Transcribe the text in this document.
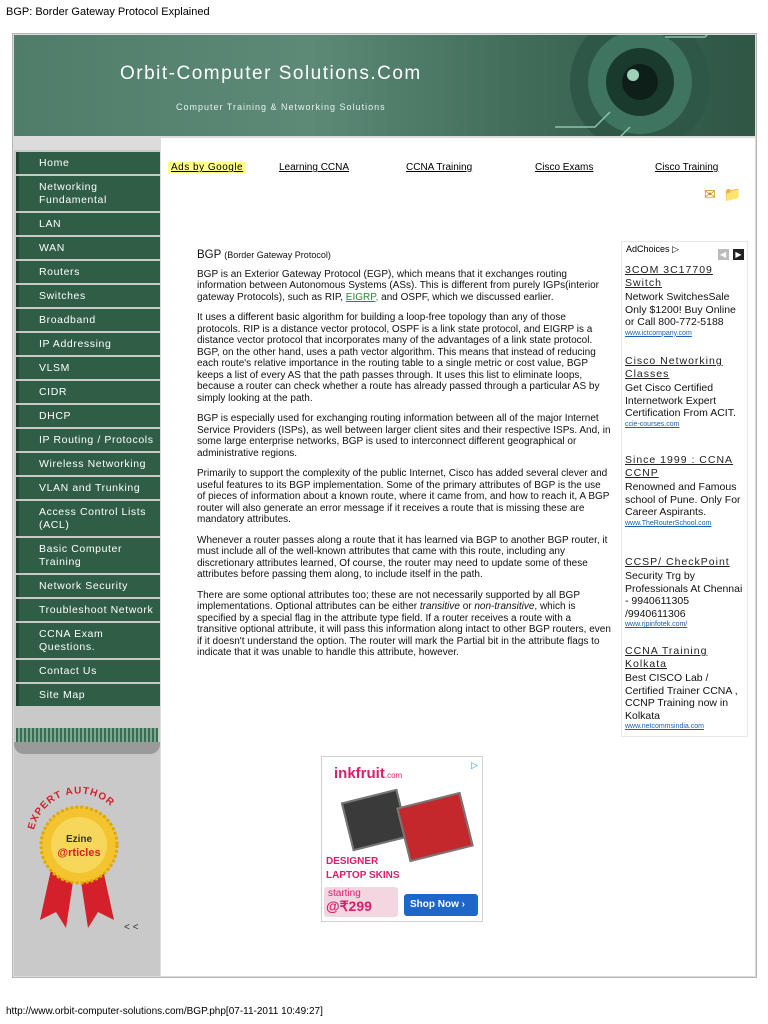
BGP: Border Gateway Protocol Explained
Orbit-Computer Solutions.Com
Computer Training & Networking Solutions
Home
Networking
Fundamental
LAN
WAN
Routers
Switches
Broadband
IP Addressing
VLSM
CIDR
DHCP
IP Routing / Protocols
Wireless Networking
VLAN and Trunking
Access Control Lists
(ACL)
Basic Computer
Training
Network Security
Troubleshoot Network
CCNA Exam
Questions.
Contact Us
Site Map
EXPERT AUTHOR
Ezine
@rticles
< <
Ads by Google	Learning CCNA	CCNA Training	Cisco Exams	Cisco Training
✉ 📁
BGP (Border Gateway Protocol)

BGP is an Exterior Gateway Protocol (EGP), which means that it exchanges routing information between Autonomous Systems (ASs). This is different from purely IGPs(interior gateway Protocols), such as RIP, EIGRP, and OSPF, which we discussed earlier.

It uses a different basic algorithm for building a loop-free topology than any of those protocols. RIP is a distance vector protocol, OSPF is a link state protocol, and EIGRP is a distance vector protocol that incorporates many of the advantages of a link state protocol. BGP, on the other hand, uses a path vector algorithm. This means that instead of reducing each route's relative importance in the routing table to a single metric or cost value, BGP keeps a list of every AS that the path passes through. It uses this list to eliminate loops, because a router can check whether a route has already passed through a particular AS by simply looking at the path.

BGP is especially used for exchanging routing information between all of the major Internet Service Providers (ISPs), as well between larger client sites and their respective ISPs. And, in some large enterprise networks, BGP is used to interconnect different geographical or administrative regions.

Primarily to support the complexity of the public Internet, Cisco has added several clever and useful features to its BGP implementation. Some of the primary attributes of BGP is the use of pieces of information about a known route, where it came from, and how to reach it, A BGP router will also generate an error message if it receives a route that is missing these are mandatory attributes.

Whenever a router passes along a route that it has learned via BGP to another BGP router, it must include all of the well-known attributes that came with this route, including any discretionary attributes learned, Of course, the router may need to update some of these attributes before passing them along, to include itself in the path.

There are some optional attributes too; these are not necessarily supported by all BGP implementations. Optional attributes can be either transitive or non-transitive, which is specified by a special flag in the attribute type field. If a router receives a route with a transitive optional attribute, it will pass this information along intact to other BGP routers, even if it doesn't understand the option. The router will mark the Partial bit in the attribute flags to indicate that it was unable to handle this attribute, however.

AdChoices ▷
◀ ▶
3COM 3C17709 Switch
Network SwitchesSale Only $1200! Buy Online or Call 800-772-5188
www.ictcompany.com
Cisco Networking Classes
Get Cisco Certified Internetwork Expert Certification From ACIT.
ccie-courses.com
Since 1999 : CCNA CCNP
Renowned and Famous school of Pune. Only For Career Aspirants.
www.TheRouterSchool.com
CCSP/ CheckPoint
Security Trg by Professionals At Chennai - 9940611305 /9940611306
www.rjpinfotek.com/
CCNA Training Kolkata
Best CISCO Lab / Certified Trainer CCNA , CCNP Training now in Kolkata
www.netcommsindia.com
inkfruit.com
▷
DESIGNER
LAPTOP SKINS
starting
@₹299	Shop Now ›
http://www.orbit-computer-solutions.com/BGP.php[07-11-2011 10:49:27]
